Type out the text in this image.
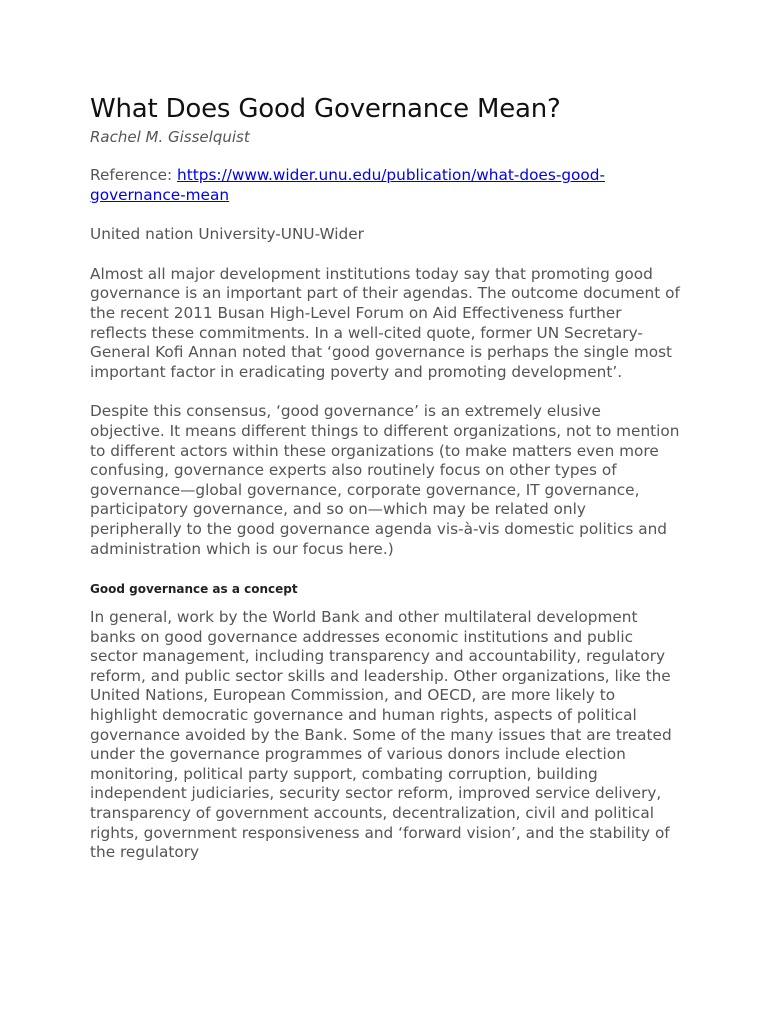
What Does Good Governance Mean?
Rachel M. Gisselquist
Reference: https://www.wider.unu.edu/publication/what-does-good-governance-mean
United nation University-UNU-Wider

Almost all major development institutions today say that promoting good governance is an important part of their agendas. The outcome document of the recent 2011 Busan High-Level Forum on Aid Effectiveness further reflects these commitments. In a well-cited quote, former UN Secretary-General Kofi Annan noted that ‘good governance is perhaps the single most important factor in eradicating poverty and promoting development’.

Despite this consensus, ‘good governance’ is an extremely elusive objective. It means different things to different organizations, not to mention to different actors within these organizations (to make matters even more confusing, governance experts also routinely focus on other types of governance—global governance, corporate governance, IT governance, participatory governance, and so on—which may be related only peripherally to the good governance agenda vis-à-vis domestic politics and administration which is our focus here.)

Good governance as a concept

In general, work by the World Bank and other multilateral development banks on good governance addresses economic institutions and public sector management, including transparency and accountability, regulatory reform, and public sector skills and leadership. Other organizations, like the United Nations, European Commission, and OECD, are more likely to highlight democratic governance and human rights, aspects of political governance avoided by the Bank. Some of the many issues that are treated under the governance programmes of various donors include election monitoring, political party support, combating corruption, building independent judiciaries, security sector reform, improved service delivery, transparency of government accounts, decentralization, civil and political rights, government responsiveness and ‘forward vision’, and the stability of the regulatory
